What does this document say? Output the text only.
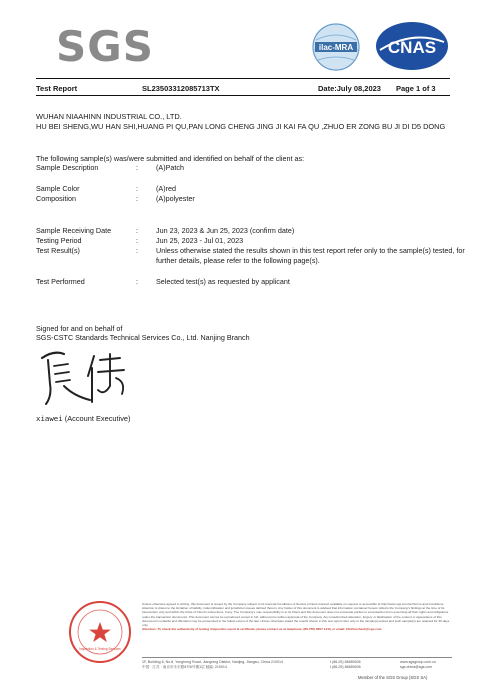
SGS	ilac-MRA CNAS
Test Report	SL23503312085713TX	Date:July 08,2023 Page 1 of 3
WUHAN NIAAHINN INDUSTRIAL CO., LTD.
HU BEI SHENG,WU HAN SHI,HUANG PI QU,PAN LONG CHENG JING JI KAI FA QU ,ZHUO ER ZONG BU JI DI D5 DONG
The following sample(s) was/were submitted and identified on behalf of the client as:
Sample Description	:	(A)Patch
Sample Color	:	(A)red
Composition	:	(A)polyester
Sample Receiving Date	:	Jun 23, 2023 & Jun 25, 2023 (confirm date)
Testing Period	:	Jun 25, 2023 - Jul 01, 2023
Test Result(s)	:	Unless otherwise stated the results shown in this test report refer only to the sample(s) tested, for further details, please refer to the following page(s).
Test Performed	:	Selected test(s) as requested by applicant
Signed for and on behalf of
SGS-CSTC Standards Technical Services Co., Ltd. Nanjing Branch
xiawei (Account Executive)
Inspection & Testing Services
Unless otherwise agreed in writing, this document is issued by the Company subject to its General Conditions of Service printed overleaf, available on request or accessible at http://www.sgs.com/en/Terms-and-Conditions. Attention is drawn to the limitation of liability, indemnification and jurisdiction issues defined therein. Any holder of this document is advised that information contained hereon reflects the Company's findings at the time of its intervention only and within the limits of Client's instructions, if any. The Company's sole responsibility is to its Client and this document does not exonerate parties to a transaction from exercising all their rights and obligations under the transaction documents. This document cannot be reproduced except in full, without prior written approval of the Company. Any unauthorized alteration, forgery or falsification of the content or appearance of this document is unlawful and offenders may be prosecuted to the fullest extent of the law. Unless otherwise stated the results shown in this test report refer only to the sample(s) tested and such sample(s) are retained for 30 days only.
Attention: To check the authenticity of testing /inspection report & certificate, please contact us at telephone: (86-755) 8307 1443, or email: CN.Doccheck@sgs.com
1F, Building 6, No.8, Yonghong Road, Jiangning District, Nanjing, Jiangsu, China 210014
中国 · 江苏 · 南京市永宏路8号6号楼1层 邮编: 210014
t (86-25) 86689406
t (86-25) 86689406
www.sgsgroup.com.cn
sgs.china@sgs.com
Member of the SGS Group (SGS SA)
